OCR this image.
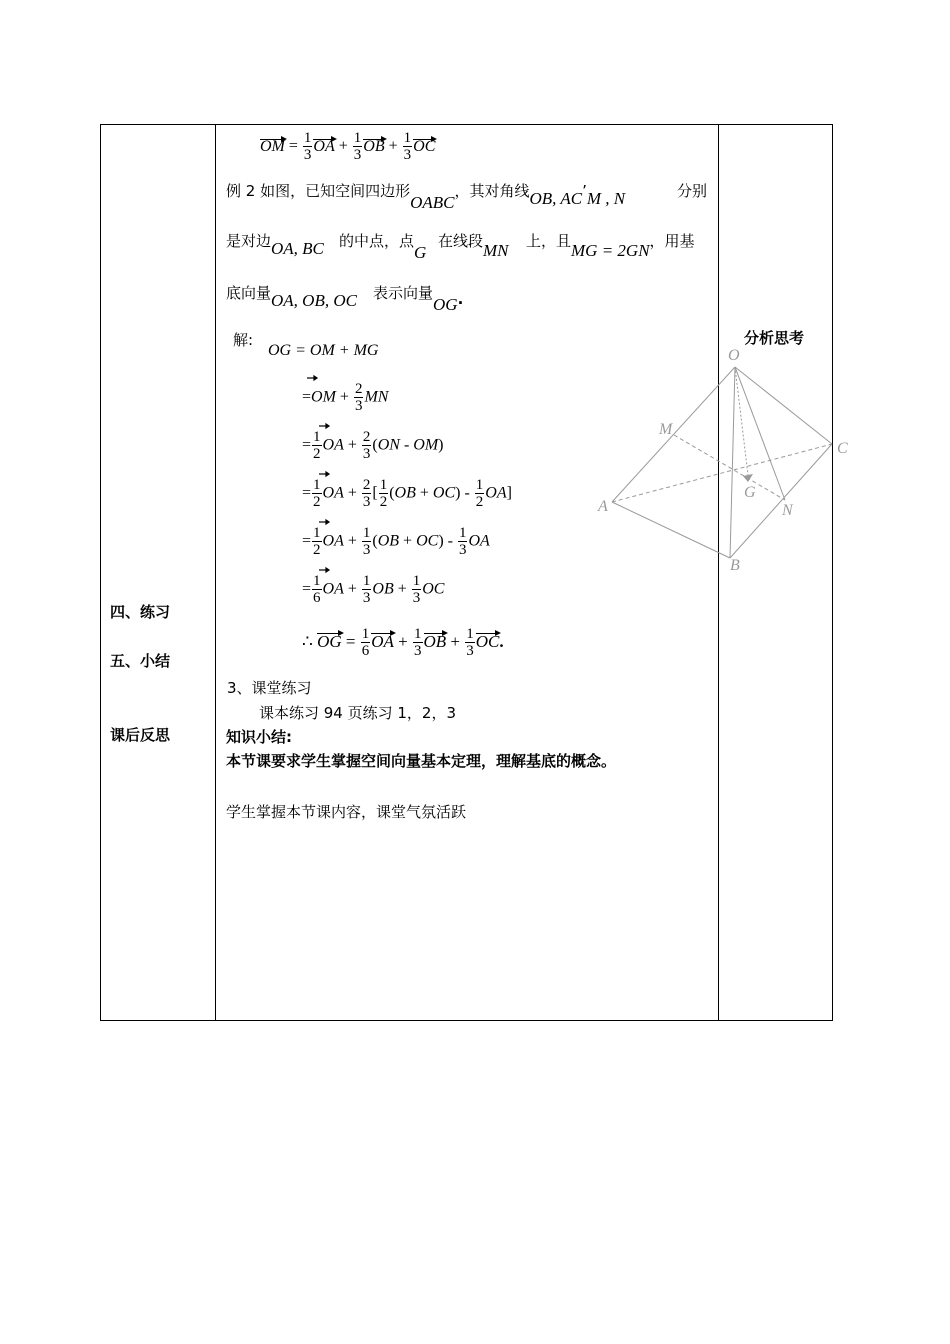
四、练习
五、小结
课后反思
分析思考
OM = $\frac{1}{3}$ OA + $\frac{1}{3}$ OB + $\frac{1}{3}$ OC
例 2 如图，已知空间四边形OABC，其对角线OB, AC’M , N	分别
是对边OA, BC 的中点，点G
在线段MN 上，且MG = 2GN，用基
底向量OA, OB, OC 表示向量OG.
解:
OG = OM + MG
$=OM + \frac{2}{3}$ MN
= $\frac{1}{2}$ OA + $\frac{2}{3} (ON - OM)$
= $\frac{1}{2}$ OA + $\frac{2}{3}$ [ $\frac{1}{2} (OB + OC) - \frac{1}{2} OA$]
= $\frac{1}{2}$ OA + $\frac{1}{3} (OB + OC) - \frac{1}{3}$ OA
= $\frac{1}{6}$ OA + $\frac{1}{3}$ OB + $\frac{1}{3}$ OC
∴ OG = $\frac{1}{6}$ OA + $\frac{1}{3}$ OB + $\frac{1}{3}$ OC.
3、课堂练习
课本练习 94 页练习 1，2，3
知识小结:
本节课要求学生掌握空间向量基本定理，理解基底的概念。
学生掌握本节课内容，课堂气氛活跃
O
M
C
A
G
N
B
